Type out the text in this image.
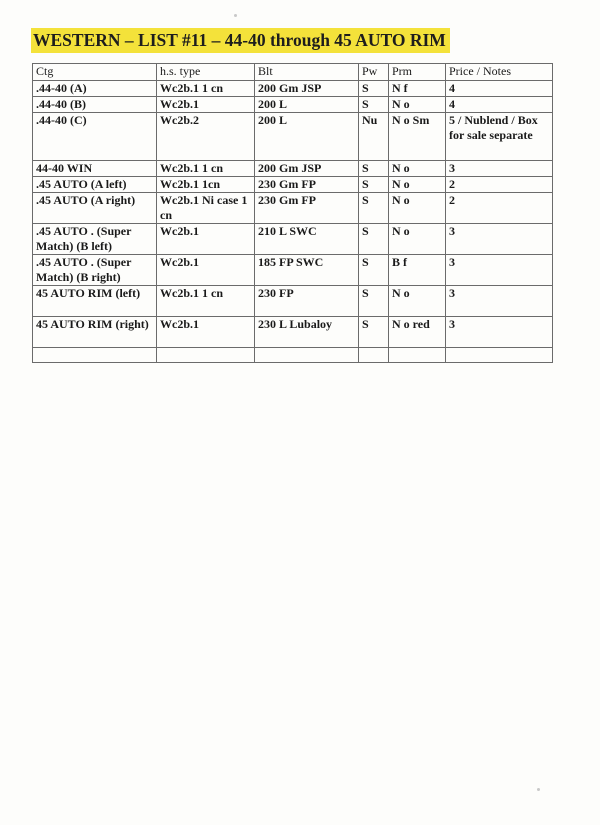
WESTERN – LIST #11 – 44-40 through 45 AUTO RIM
Ctg	h.s. type	Blt	Pw	Prm	Price / Notes
.44-40 (A)	Wc2b.1 1 cn	200 Gm JSP	S	N f	4
.44-40 (B)	Wc2b.1	200 L	S	N o	4
.44-40 (C)	Wc2b.2	200 L	Nu	N o Sm	5 / Nublend / Box for sale separate
44-40 WIN	Wc2b.1 1 cn	200 Gm JSP	S	N o	3
.45 AUTO (A left)	Wc2b.1 1cn	230 Gm FP	S	N o	2
.45 AUTO (A right)	Wc2b.1 Ni case 1 cn	230 Gm FP	S	N o	2
.45 AUTO . (Super Match) (B left)	Wc2b.1	210 L SWC	S	N o	3
.45 AUTO . (Super Match) (B right)	Wc2b.1	185 FP SWC	S	B f	3
45 AUTO RIM (left)	Wc2b.1 1 cn	230 FP	S	N o	3
45 AUTO RIM (right)	Wc2b.1	230 L Lubaloy	S	N o red	3
